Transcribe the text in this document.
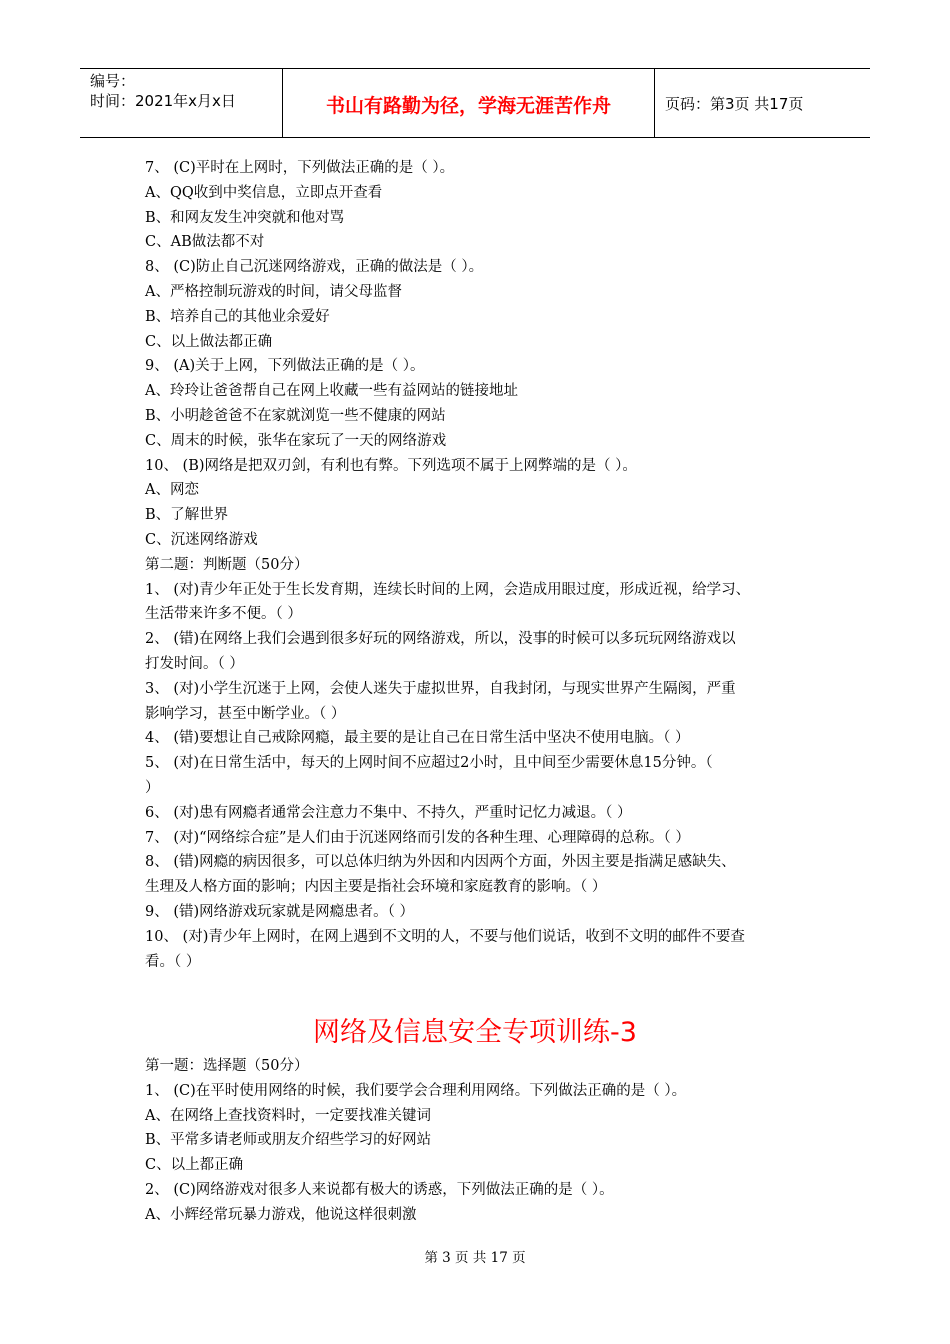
编号：
时间：2021年x月x日	书山有路勤为径，学海无涯苦作舟	页码：第3页 共17页
7、 (C)平时在上网时，下列做法正确的是（ ）。
A、QQ收到中奖信息，立即点开查看
B、和网友发生冲突就和他对骂
C、AB做法都不对
8、 (C)防止自己沉迷网络游戏，正确的做法是（ ）。
A、严格控制玩游戏的时间，请父母监督
B、培养自己的其他业余爱好
C、以上做法都正确
9、 (A)关于上网，下列做法正确的是（ ）。
A、玲玲让爸爸帮自己在网上收藏一些有益网站的链接地址
B、小明趁爸爸不在家就浏览一些不健康的网站
C、周末的时候，张华在家玩了一天的网络游戏
10、 (B)网络是把双刃剑，有利也有弊。下列选项不属于上网弊端的是（ ）。
A、网恋
B、了解世界
C、沉迷网络游戏
第二题：判断题（50分）
1、 (对)青少年正处于生长发育期，连续长时间的上网，会造成用眼过度，形成近视，给学习、
生活带来许多不便。（ ）
2、 (错)在网络上我们会遇到很多好玩的网络游戏，所以，没事的时候可以多玩玩网络游戏以
打发时间。（ ）
3、 (对)小学生沉迷于上网，会使人迷失于虚拟世界，自我封闭，与现实世界产生隔阂，严重
影响学习，甚至中断学业。（ ）
4、 (错)要想让自己戒除网瘾，最主要的是让自己在日常生活中坚决不使用电脑。（ ）
5、 (对)在日常生活中，每天的上网时间不应超过2小时，且中间至少需要休息15分钟。（
）
6、 (对)患有网瘾者通常会注意力不集中、不持久，严重时记忆力减退。（ ）
7、 (对)“网络综合症”是人们由于沉迷网络而引发的各种生理、心理障碍的总称。（ ）
8、 (错)网瘾的病因很多，可以总体归纳为外因和内因两个方面，外因主要是指满足感缺失、
生理及人格方面的影响；内因主要是指社会环境和家庭教育的影响。（ ）
9、 (错)网络游戏玩家就是网瘾患者。（ ）
10、 (对)青少年上网时，在网上遇到不文明的人，不要与他们说话，收到不文明的邮件不要查
看。（ ）
网络及信息安全专项训练-3
第一题：选择题（50分）
1、 (C)在平时使用网络的时候，我们要学会合理利用网络。下列做法正确的是（ ）。
A、在网络上查找资料时，一定要找准关键词
B、平常多请老师或朋友介绍些学习的好网站
C、以上都正确
2、 (C)网络游戏对很多人来说都有极大的诱惑，下列做法正确的是（ ）。
A、小辉经常玩暴力游戏，他说这样很刺激
第 3 页 共 17 页
